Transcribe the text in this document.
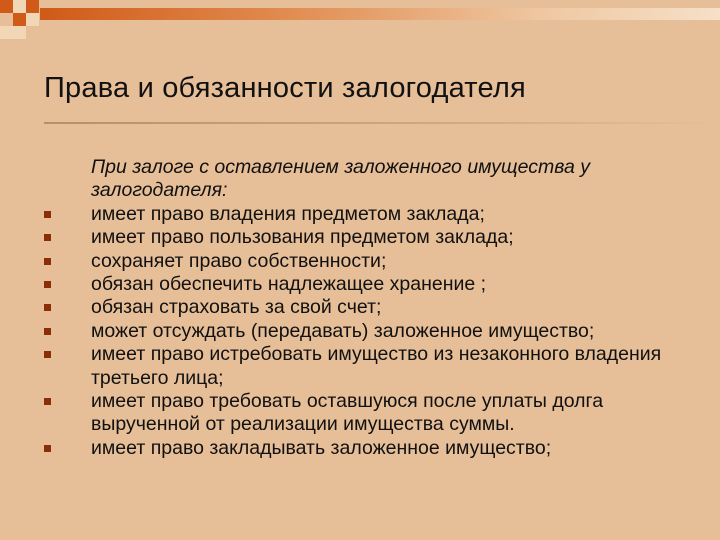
Права и обязанности залогодателя
При залоге с оставлением заложенного имущества у залогодателя:
имеет право владения предметом заклада;
имеет право пользования предметом заклада;
сохраняет право собственности;
обязан обеспечить надлежащее хранение ;
обязан страховать за свой счет;
может отсуждать (передавать) заложенное имущество;
имеет право истребовать имущество из незаконного владения третьего лица;
имеет право требовать оставшуюся после уплаты долга вырученной от реализации имущества суммы.
имеет право закладывать заложенное имущество;
